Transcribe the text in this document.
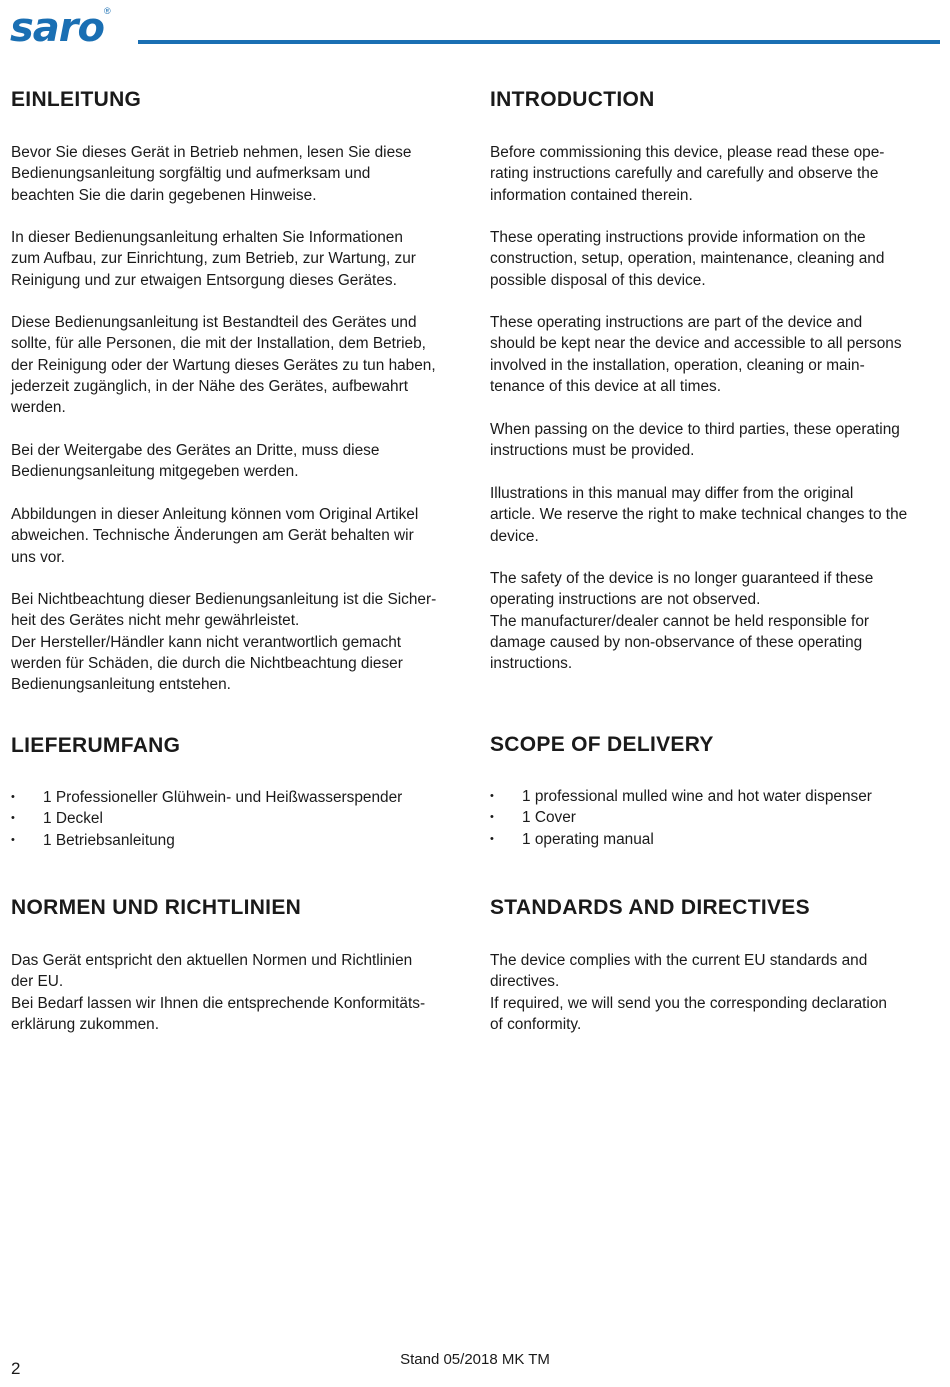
saro®
EINLEITUNG

Bevor Sie dieses Gerät in Betrieb nehmen, lesen Sie diese
Bedienungsanleitung sorgfältig und aufmerksam und
beachten Sie die darin gegebenen Hinweise.

In dieser Bedienungsanleitung erhalten Sie Informationen
zum Aufbau, zur Einrichtung, zum Betrieb, zur Wartung, zur
Reinigung und zur etwaigen Entsorgung dieses Gerätes.

Diese Bedienungsanleitung ist Bestandteil des Gerätes und
sollte, für alle Personen, die mit der Installation, dem Betrieb,
der Reinigung oder der Wartung dieses Gerätes zu tun haben,
jederzeit zugänglich, in der Nähe des Gerätes, aufbewahrt
werden.

Bei der Weitergabe des Gerätes an Dritte, muss diese
Bedienungsanleitung mitgegeben werden.

Abbildungen in dieser Anleitung können vom Original Artikel
abweichen. Technische Änderungen am Gerät behalten wir
uns vor.

Bei Nichtbeachtung dieser Bedienungsanleitung ist die Sicher-
heit des Gerätes nicht mehr gewährleistet.
Der Hersteller/Händler kann nicht verantwortlich gemacht
werden für Schäden, die durch die Nichtbeachtung dieser
Bedienungsanleitung entstehen.

LIEFERUMFANG
• 1 Professioneller Glühwein- und Heißwasserspender
• 1 Deckel
• 1 Betriebsanleitung
NORMEN UND RICHTLINIEN

Das Gerät entspricht den aktuellen Normen und Richtlinien
der EU.
Bei Bedarf lassen wir Ihnen die entsprechende Konformitäts-
erklärung zukommen.

INTRODUCTION

Before commissioning this device, please read these ope-
rating instructions carefully and carefully and observe the
information contained therein.

These operating instructions provide information on the
construction, setup, operation, maintenance, cleaning and
possible disposal of this device.

These operating instructions are part of the device and
should be kept near the device and accessible to all persons
involved in the installation, operation, cleaning or main-
tenance of this device at all times.

When passing on the device to third parties, these operating
instructions must be provided.

Illustrations in this manual may differ from the original
article. We reserve the right to make technical changes to the
device.

The safety of the device is no longer guaranteed if these
operating instructions are not observed.
The manufacturer/dealer cannot be held responsible for
damage caused by non-observance of these operating
instructions.

SCOPE OF DELIVERY
• 1 professional mulled wine and hot water dispenser
• 1 Cover
• 1 operating manual
STANDARDS AND DIRECTIVES

The device complies with the current EU standards and
directives.
If required, we will send you the corresponding declaration
of conformity.

Stand 05/2018 MK TM
2
